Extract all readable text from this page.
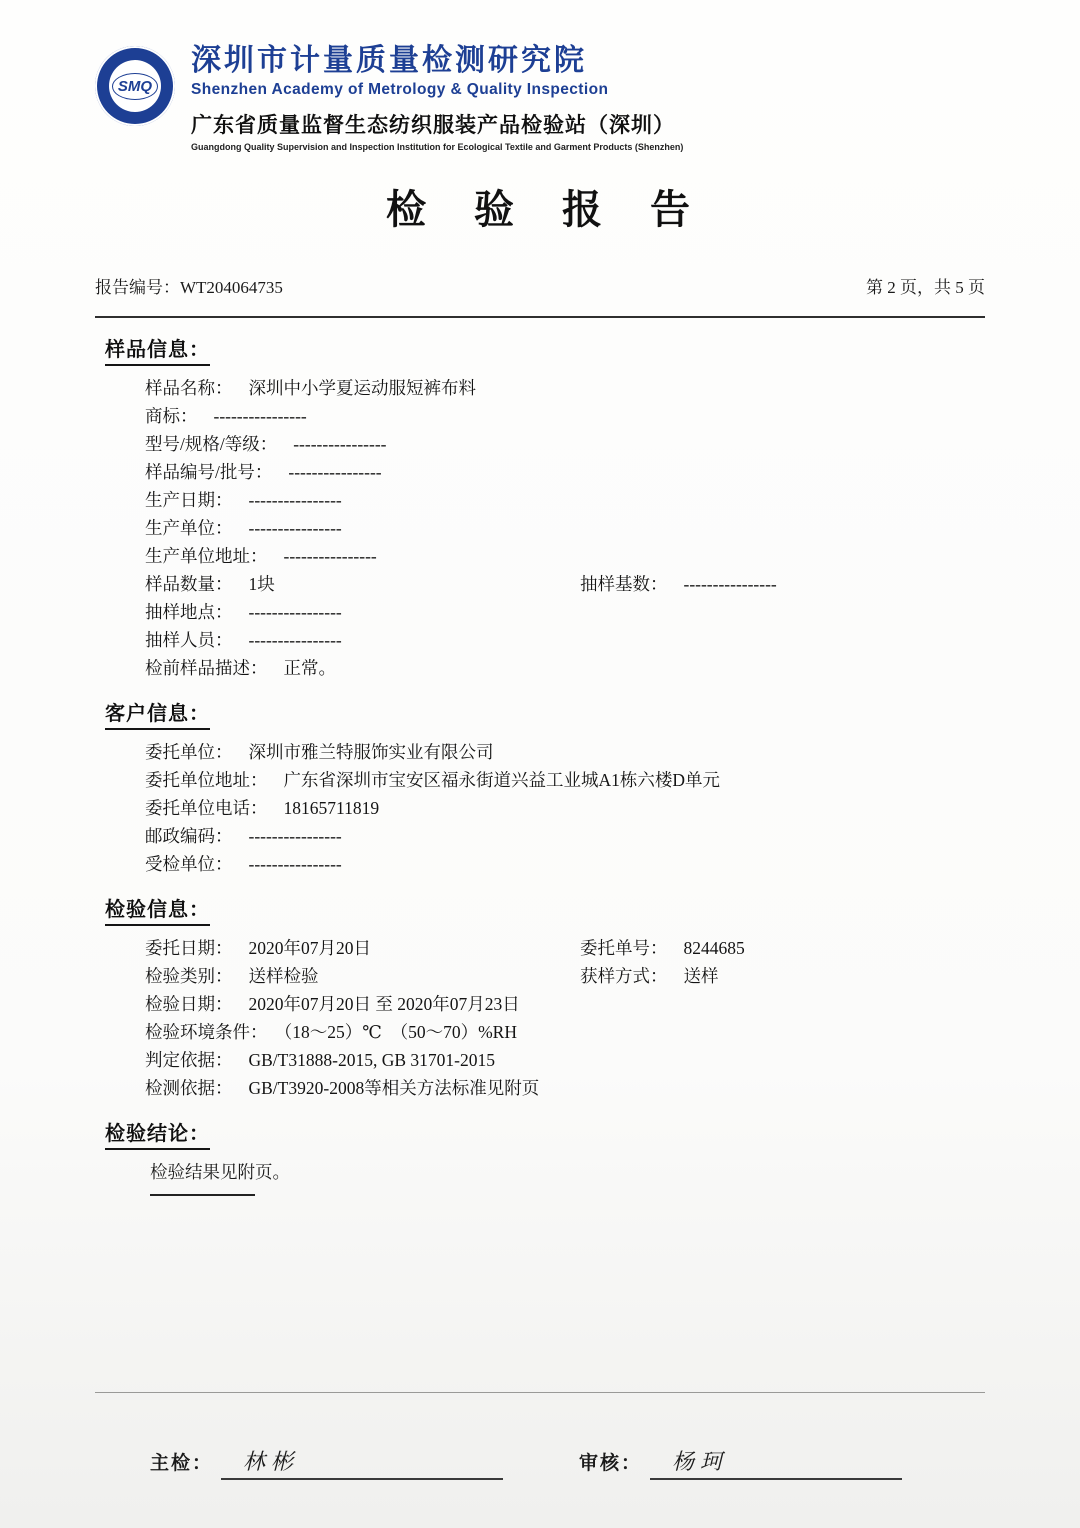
SMQ
深圳市计量质量检测研究院
Shenzhen Academy of Metrology & Quality Inspection
广东省质量监督生态纺织服装产品检验站（深圳）
Guangdong Quality Supervision and Inspection Institution for Ecological Textile and Garment Products (Shenzhen)
检　验　报　告
报告编号：WT204064735	第 2 页，共 5 页
样品信息：
样品名称： 深圳中小学夏运动服短裤布料
商标： ----------------
型号/规格/等级： ----------------
样品编号/批号： ----------------
生产日期： ----------------
生产单位： ----------------
生产单位地址： ----------------
样品数量： 1块	抽样基数： ----------------
抽样地点： ----------------
抽样人员： ----------------
检前样品描述： 正常。
客户信息：
委托单位： 深圳市雅兰特服饰实业有限公司
委托单位地址： 广东省深圳市宝安区福永街道兴益工业城A1栋六楼D单元
委托单位电话： 18165711819
邮政编码： ----------------
受检单位： ----------------
检验信息：
委托日期： 2020年07月20日	委托单号： 8244685
检验类别： 送样检验	获样方式： 送样
检验日期： 2020年07月20日 至 2020年07月23日
检验环境条件： （18～25）℃　（50～70）%RH
判定依据： GB/T31888-2015, GB 31701-2015
检测依据： GB/T3920-2008等相关方法标准见附页
检验结论：
检验结果见附页。
主检： 林彬	审核： 杨珂
